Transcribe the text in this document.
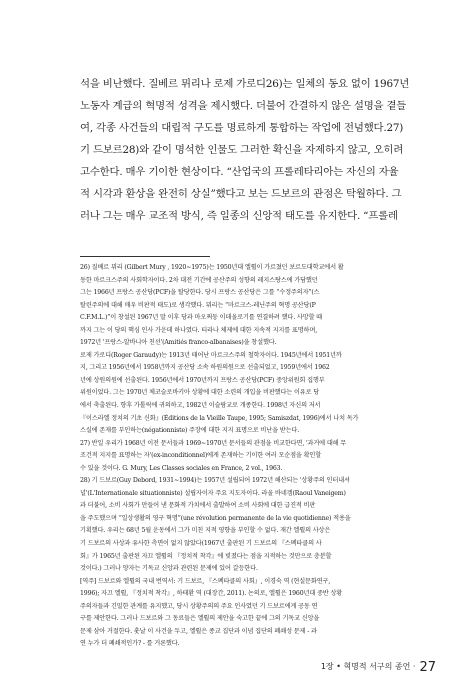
석을 비난했다. 질베르 뮈리나 로제 가로디26)는 일체의 동요 없이 1967년
노동자 계급의 혁명적 성격을 제시했다. 더불어 간결하지 않은 설명을 곁들
여, 각종 사건들의 대립적 구도를 명료하게 통합하는 작업에 전념했다.27)
기 드보르28)와 같이 명석한 인물도 그러한 확신을 자제하지 않고, 오히려
고수한다. 매우 기이한 현상이다. “산업국의 프롤레타리아는 자신의 자율
적 시각과 환상을 완전히 상실”했다고 보는 드보르의 관점은 탁월하다. 그
러나 그는 매우 교조적 방식, 즉 일종의 신앙적 태도를 유지한다. “프롤레
26) 질베르 뮈리 (Gilbert Mury , 1920~1975)는 1950년대 엘륄이 가르쳤던 보르도대학교에서 활
동한 마르크스주의 사회학자이다. 2차 대전 기간에 공산주의 성향의 레지스탕스에 가담했던
그는 1966년 프랑스 공산당(PCF)을 탈당한다. 당시 프랑스 공산당은 그를 “수정주의자”(스
탈린주의에 대해 매우 비판적 태도)로 생각했다. 뮈리는 “마르크스-레닌주의 혁명 공산당(P
C.F.M.L.)”이 창설된 1967년 말 이후 당과 마오쩌둥 이데올로기를 연결하려 했다. 사망할 때
까지 그는 이 당의 핵심 인사 가운데 하나였다. 티라나 체제에 대한 지속적 지지를 표명하며,
1972년 '프랑스-알바니아 친선'(Amitiés franco-albanaises)을 창설했다.
로제 가로디(Roger Garaudy)는 1913년 태어난 마르크스주의 철학자이다. 1945년에서 1951년까
지, 그리고 1956년에서 1958년까지 공산당 소속 하원의원으로 선출되었고, 1959년에서 1962
년에 상원의원에 선출된다. 1956년에서 1970년까지 프랑스 공산당(PCF) 중앙위원회 집행부
위원이었다. 그는 1970년 체코슬로바키아 상황에 대한 소련의 개입을 비판했다는 이유로 당
에서 축출된다. 향후 가톨릭에 귀의하고, 1982년 이슬람교로 개종한다. 1998년 자신의 저서
『이스라엘 정치의 기초 신화』(Éditions de la Vieille Taupe, 1995; Samiszdat, 1996)에서 나치 독가
스실에 존재를 부인하는(négationniste) 주장에 대한 지지 표명으로 비난을 받는다.
27) 반일 우리가 1968년 이전 문서들과 1969~1970년 문서들의 관점을 비교한다면, '과거에 대해 무
조건적 지지를 표명하는 자'(ex-inconditionnel)에게 존재하는 기이한 여러 모순점을 확인할
수 있을 것이다. G. Mury, Les Classes sociales en France, 2 vol., 1963.
28) 기 드보르(Guy Debord, 1931~1994)는 1957년 설립되어 1972년 해산되는 '상황주의 인터내셔
널'(L'Internationale situationniste) 설립자이자 주요 지도자이다. 라울 바네겜(Raoul Vaneigem)
과 더불어, 소비 사회가 만들어 낸 문화적 가치에서 출발하여 소비 사회에 대한 급진적 비판
을 주도했으며 “일상생활의 영구 혁명”(une révolution permanente de la vie quotidienne) 적용을
기획했다. 우리는 68년 5월 운동에서 그가 미친 지적 영향을 부인할 수 없다. 재간 엘륄의 사상은
기 드보르의 사상과 유사한 측면이 없지 않았다(1967년 출판된 기 드보르의 『스펙타클의 사
회』가 1965년 출판된 자끄 엘륄의 『정치적 착각』에 빚졌다는 점을 지적하는 것만으로 충분할
것이다.) 그러나 양자는 기독교 신앙과 관련된 문제에 있어 갈등한다.
[역주] 드보르와 엘륄의 국내 번역서: 기 드보르, 『스펙타클의 사회』, 이경숙 역 (현실문화연구,
1996); 자끄 엘륄, 『정치적 착각』, 하태환 역 (대장간, 2011). 논의로, 엘륄은 1960년대 중반 상황
주의자들과 긴밀한 관계를 유지했고, 당시 상황주의의 주요 인사였던 기 드보르에게 공동 연
구를 제안한다. 그러나 드보르와 그 동료들은 엘륄의 제안을 숙고한 끝에 그의 기독교 신앙을
문제 삼아 거절한다. 훗날 이 사건을 두고, 엘륄은 종교 집단과 이념 집단의 폐쇄성 문제 - 과
연 누가 더 폐쇄적인가? - 를 거론했다.
1장 • 혁명적 서구의 종언 · 27
